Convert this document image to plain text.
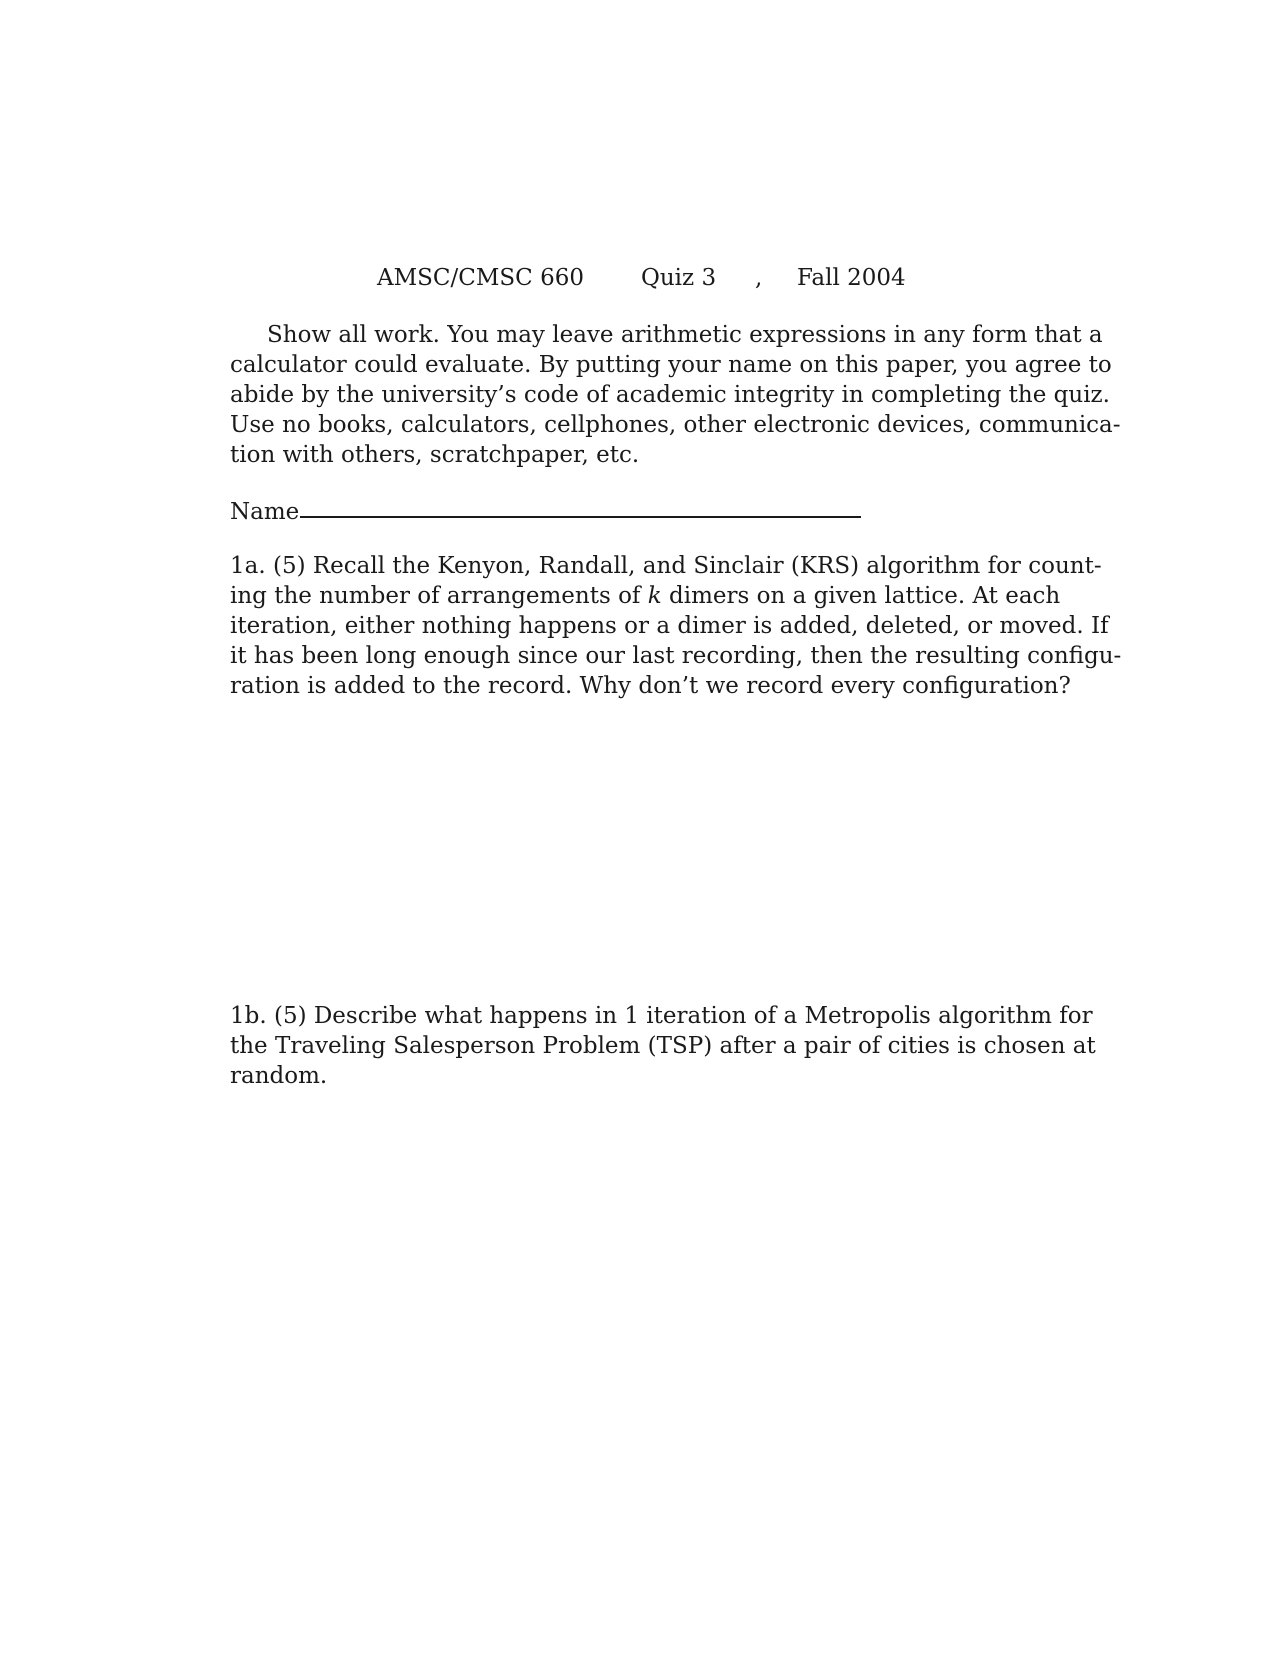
AMSC/CMSC 660 Quiz 3 , Fall 2004
Show all work. You may leave arithmetic expressions in any form that a
calculator could evaluate. By putting your name on this paper, you agree to
abide by the university’s code of academic integrity in completing the quiz.
Use no books, calculators, cellphones, other electronic devices, communica-
tion with others, scratchpaper, etc.
Name
1a. (5) Recall the Kenyon, Randall, and Sinclair (KRS) algorithm for count-
ing the number of arrangements of k dimers on a given lattice. At each
iteration, either nothing happens or a dimer is added, deleted, or moved. If
it has been long enough since our last recording, then the resulting configu-
ration is added to the record. Why don’t we record every configuration?
1b. (5) Describe what happens in 1 iteration of a Metropolis algorithm for
the Traveling Salesperson Problem (TSP) after a pair of cities is chosen at
random.
